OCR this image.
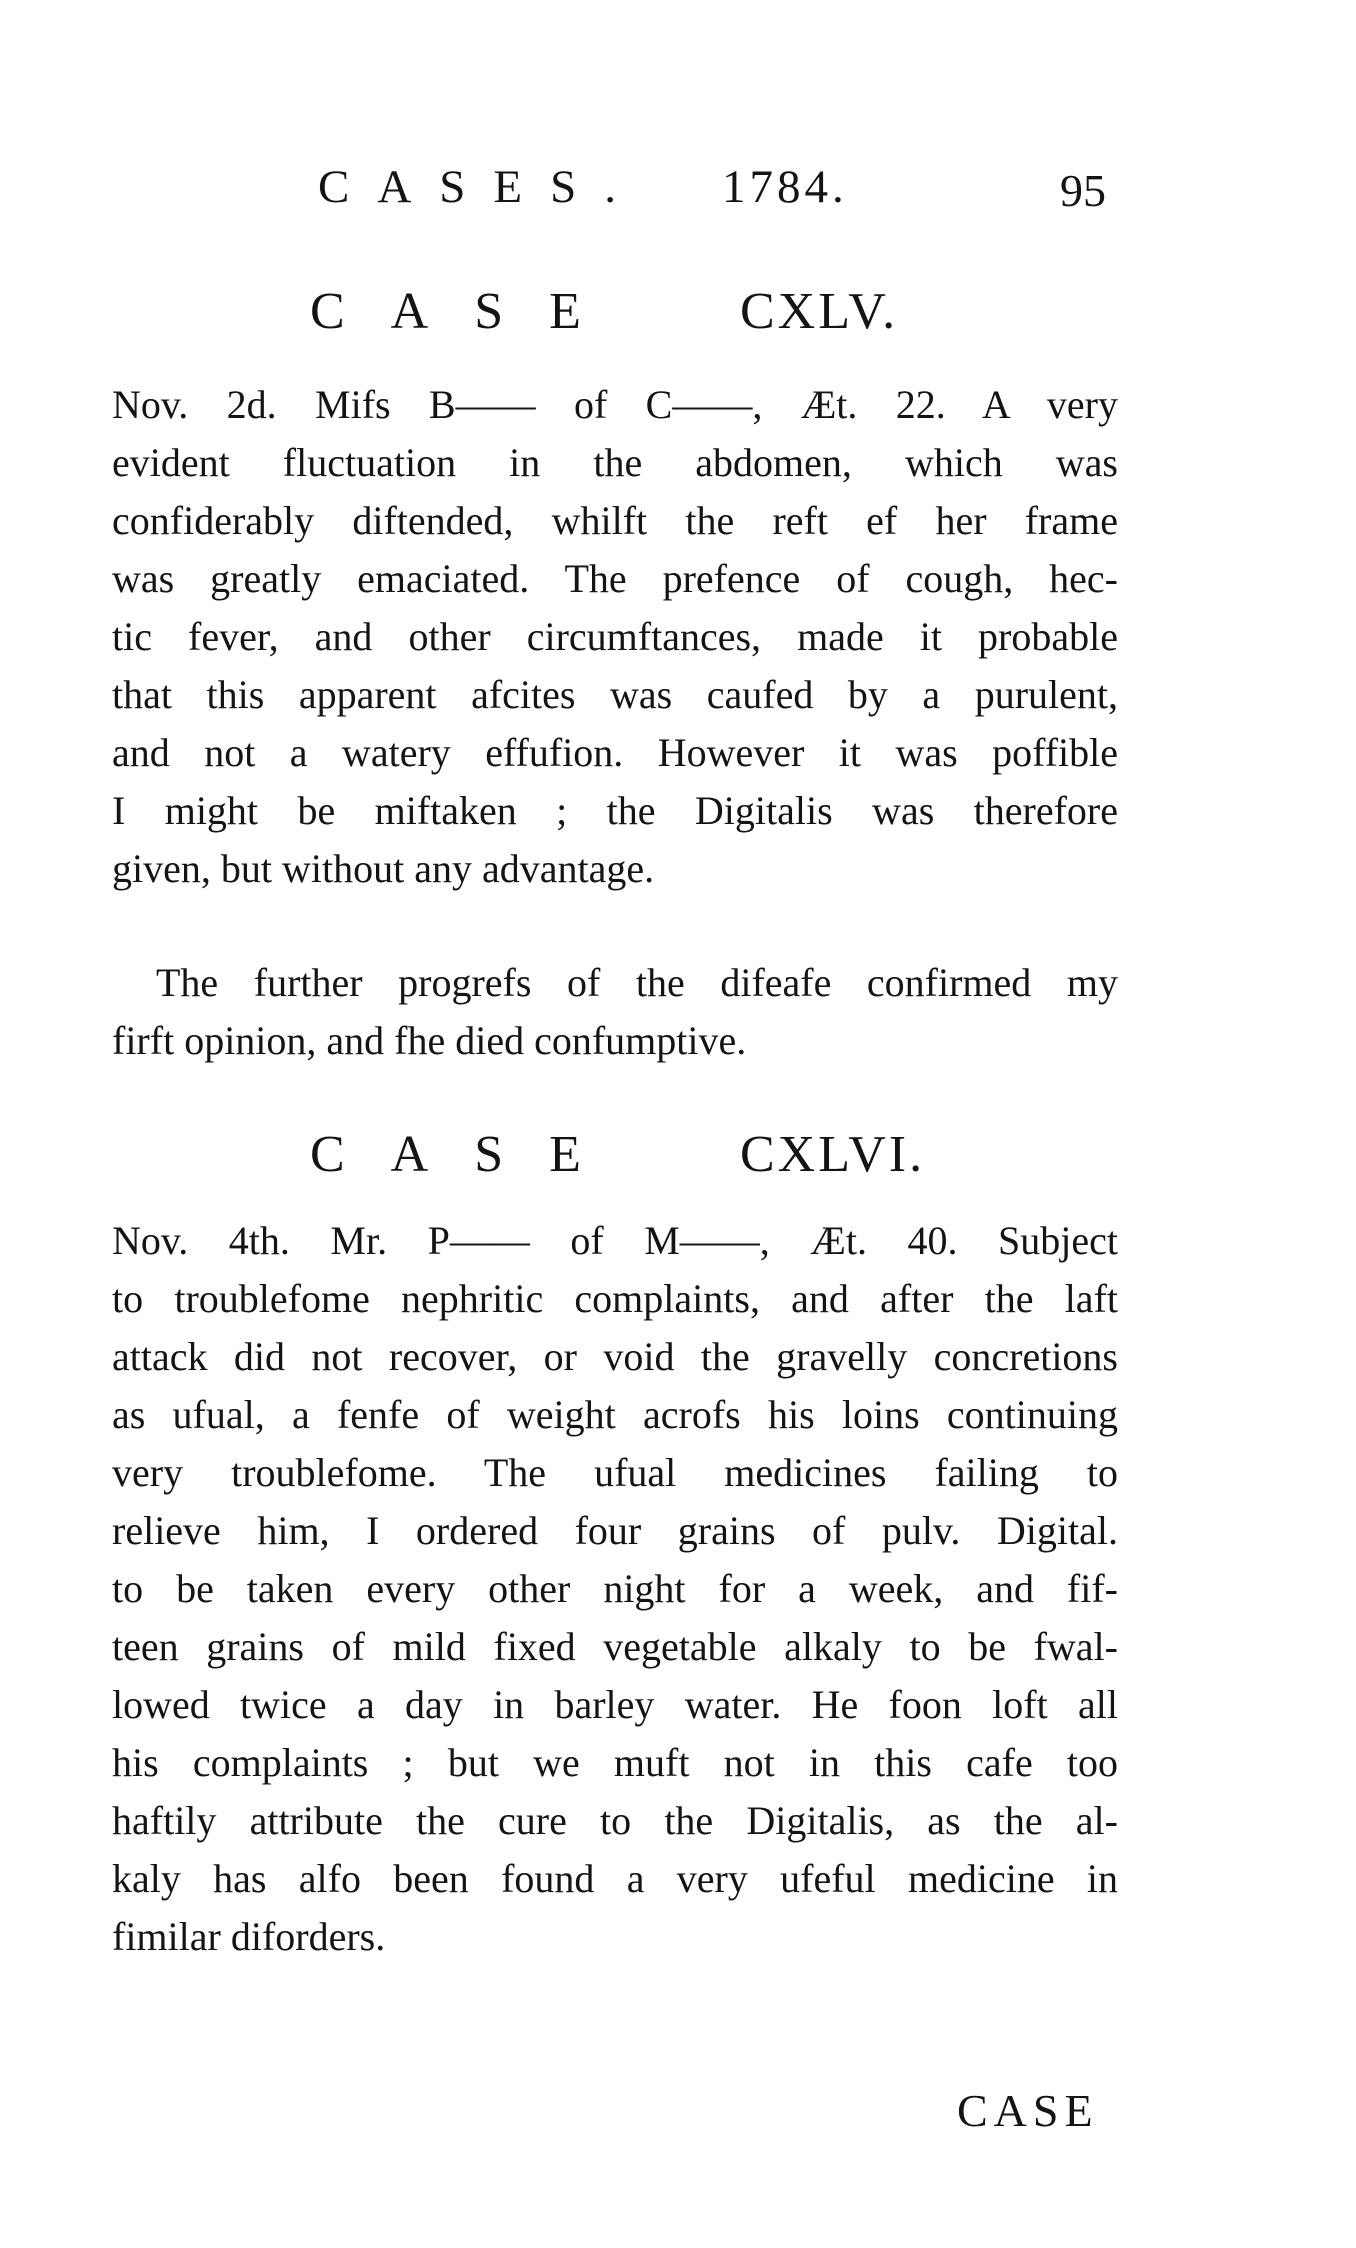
CASES. 1784.	95
CASE CXLV.
Nov. 2d. Mifs B—— of C——, Æt. 22. A very
evident fluctuation in the abdomen, which was
confiderably diftended, whilft the reft ef her frame
was greatly emaciated. The prefence of cough, hec-
tic fever, and other circumftances, made it probable
that this apparent afcites was caufed by a purulent,
and not a watery effufion. However it was poffible
I might be miftaken ; the Digitalis was therefore
given, but without any advantage.
The further progrefs of the difeafe confirmed my
firft opinion, and fhe died confumptive.
CASE CXLVI.
Nov. 4th. Mr. P—— of M——, Æt. 40. Subject
to troublefome nephritic complaints, and after the laft
attack did not recover, or void the gravelly concretions
as ufual, a fenfe of weight acrofs his loins continuing
very troublefome. The ufual medicines failing to
relieve him, I ordered four grains of pulv. Digital.
to be taken every other night for a week, and fif-
teen grains of mild fixed vegetable alkaly to be fwal-
lowed twice a day in barley water. He foon loft all
his complaints ; but we muft not in this cafe too
haftily attribute the cure to the Digitalis, as the al-
kaly has alfo been found a very ufeful medicine in
fimilar diforders.
CASE
